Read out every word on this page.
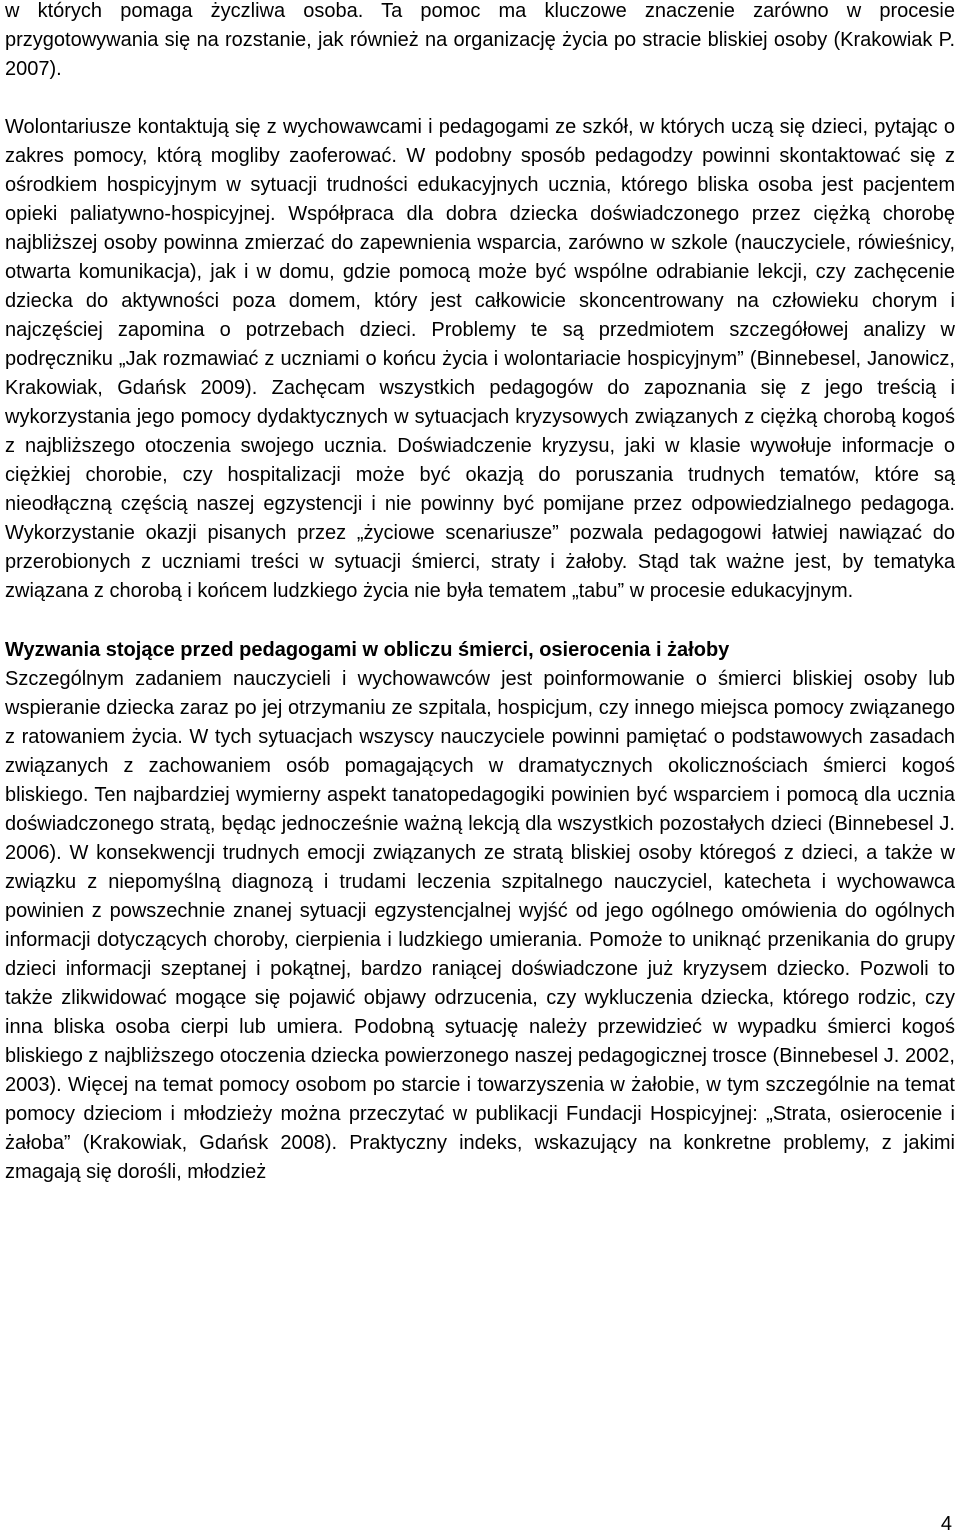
w których pomaga życzliwa osoba. Ta pomoc ma kluczowe znaczenie zarówno w procesie przygotowywania się na rozstanie, jak również na organizację życia po stracie bliskiej osoby (Krakowiak P. 2007).

Wolontariusze kontaktują się z wychowawcami i pedagogami ze szkół, w których uczą się dzieci, pytając o zakres pomocy, którą mogliby zaoferować. W podobny sposób pedagodzy powinni skontaktować się z ośrodkiem hospicyjnym w sytuacji trudności edukacyjnych ucznia, którego bliska osoba jest pacjentem opieki paliatywno-hospicyjnej. Współpraca dla dobra dziecka doświadczonego przez ciężką chorobę najbliższej osoby powinna zmierzać do zapewnienia wsparcia, zarówno w szkole (nauczyciele, rówieśnicy, otwarta komunikacja), jak i w domu, gdzie pomocą może być wspólne odrabianie lekcji, czy zachęcenie dziecka do aktywności poza domem, który jest całkowicie skoncentrowany na człowieku chorym i najczęściej zapomina o potrzebach dzieci. Problemy te są przedmiotem szczegółowej analizy w podręczniku „Jak rozmawiać z uczniami o końcu życia i wolontariacie hospicyjnym” (Binnebesel, Janowicz, Krakowiak, Gdańsk 2009). Zachęcam wszystkich pedagogów do zapoznania się z jego treścią i wykorzystania jego pomocy dydaktycznych w sytuacjach kryzysowych związanych z ciężką chorobą kogoś z najbliższego otoczenia swojego ucznia. Doświadczenie kryzysu, jaki w klasie wywołuje informacje o ciężkiej chorobie, czy hospitalizacji może być okazją do poruszania trudnych tematów, które są nieodłączną częścią naszej egzystencji i nie powinny być pomijane przez odpowiedzialnego pedagoga. Wykorzystanie okazji pisanych przez „życiowe scenariusze” pozwala pedagogowi łatwiej nawiązać do przerobionych z uczniami treści w sytuacji śmierci, straty i żałoby. Stąd tak ważne jest, by tematyka związana z chorobą i końcem ludzkiego życia nie była tematem „tabu” w procesie edukacyjnym.

Wyzwania stojące przed pedagogami w obliczu śmierci, osierocenia i żałoby

Szczególnym zadaniem nauczycieli i wychowawców jest poinformowanie o śmierci bliskiej osoby lub wspieranie dziecka zaraz po jej otrzymaniu ze szpitala, hospicjum, czy innego miejsca pomocy związanego z ratowaniem życia. W tych sytuacjach wszyscy nauczyciele powinni pamiętać o podstawowych zasadach związanych z zachowaniem osób pomagających w dramatycznych okolicznościach śmierci kogoś bliskiego. Ten najbardziej wymierny aspekt tanatopedagogiki powinien być wsparciem i pomocą dla ucznia doświadczonego stratą, będąc jednocześnie ważną lekcją dla wszystkich pozostałych dzieci (Binnebesel J. 2006). W konsekwencji trudnych emocji związanych ze stratą bliskiej osoby któregoś z dzieci, a także w związku z niepomyślną diagnozą i trudami leczenia szpitalnego nauczyciel, katecheta i wychowawca powinien z powszechnie znanej sytuacji egzystencjalnej wyjść od jego ogólnego omówienia do ogólnych informacji dotyczących choroby, cierpienia i ludzkiego umierania. Pomoże to uniknąć przenikania do grupy dzieci informacji szeptanej i pokątnej, bardzo raniącej doświadczone już kryzysem dziecko. Pozwoli to także zlikwidować mogące się pojawić objawy odrzucenia, czy wykluczenia dziecka, którego rodzic, czy inna bliska osoba cierpi lub umiera. Podobną sytuację należy przewidzieć w wypadku śmierci kogoś bliskiego z najbliższego otoczenia dziecka powierzonego naszej pedagogicznej trosce (Binnebesel J. 2002, 2003). Więcej na temat pomocy osobom po starcie i towarzyszenia w żałobie, w tym szczególnie na temat pomocy dzieciom i młodzieży można przeczytać w publikacji Fundacji Hospicyjnej: „Strata, osierocenie i żałoba” (Krakowiak, Gdańsk 2008). Praktyczny indeks, wskazujący na konkretne problemy, z jakimi zmagają się dorośli, młodzież

4
